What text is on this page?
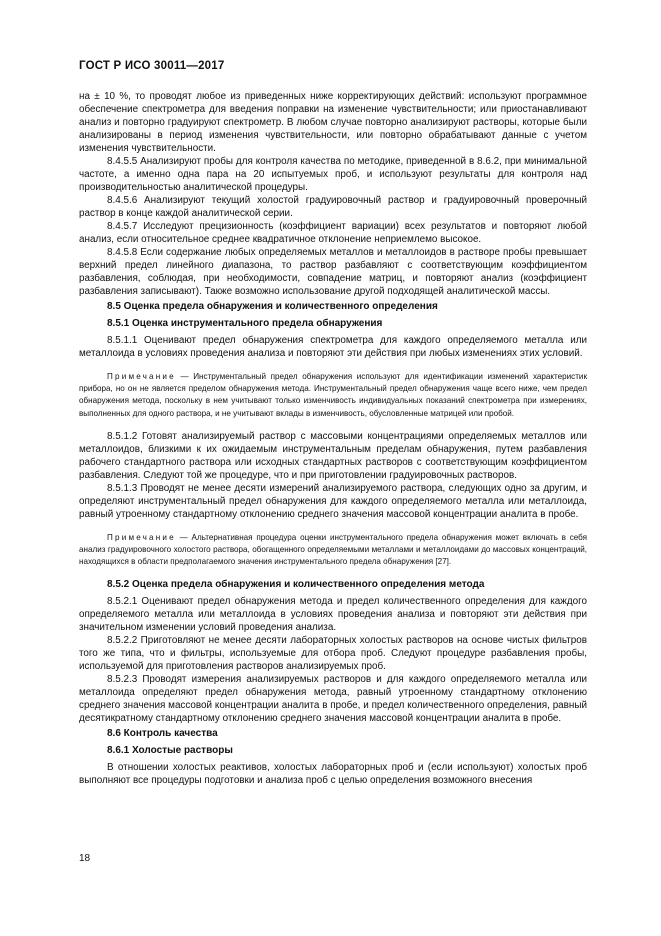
ГОСТ Р ИСО 30011—2017
на ± 10 %, то проводят любое из приведенных ниже корректирующих действий: используют программное обеспечение спектрометра для введения поправки на изменение чувствительности; или приостанавливают анализ и повторно градуируют спектрометр. В любом случае повторно анализируют растворы, которые были анализированы в период изменения чувствительности, или повторно обрабатывают данные с учетом изменения чувствительности.
8.4.5.5 Анализируют пробы для контроля качества по методике, приведенной в 8.6.2, при минимальной частоте, а именно одна пара на 20 испытуемых проб, и используют результаты для контроля над производительностью аналитической процедуры.
8.4.5.6 Анализируют текущий холостой градуировочный раствор и градуировочный проверочный раствор в конце каждой аналитической серии.
8.4.5.7 Исследуют прецизионность (коэффициент вариации) всех результатов и повторяют любой анализ, если относительное среднее квадратичное отклонение неприемлемо высокое.
8.4.5.8 Если содержание любых определяемых металлов и металлоидов в растворе пробы превышает верхний предел линейного диапазона, то раствор разбавляют с соответствующим коэффициентом разбавления, соблюдая, при необходимости, совпадение матриц, и повторяют анализ (коэффициент разбавления записывают). Также возможно использование другой подходящей аналитической массы.
8.5 Оценка предела обнаружения и количественного определения
8.5.1 Оценка инструментального предела обнаружения
8.5.1.1 Оценивают предел обнаружения спектрометра для каждого определяемого металла или металлоида в условиях проведения анализа и повторяют эти действия при любых изменениях этих условий.
Примечание — Инструментальный предел обнаружения используют для идентификации изменений характеристик прибора, но он не является пределом обнаружения метода. Инструментальный предел обнаружения чаще всего ниже, чем предел обнаружения метода, поскольку в нем учитывают только изменчивость индивидуальных показаний спектрометра при измерениях, выполненных для одного раствора, и не учитывают вклады в изменчивость, обусловленные матрицей или пробой.
8.5.1.2 Готовят анализируемый раствор с массовыми концентрациями определяемых металлов или металлоидов, близкими к их ожидаемым инструментальным пределам обнаружения, путем разбавления рабочего стандартного раствора или исходных стандартных растворов с соответствующим коэффициентом разбавления. Следуют той же процедуре, что и при приготовлении градуировочных растворов.
8.5.1.3 Проводят не менее десяти измерений анализируемого раствора, следующих одно за другим, и определяют инструментальный предел обнаружения для каждого определяемого металла или металлоида, равный утроенному стандартному отклонению среднего значения массовой концентрации аналита в пробе.
Примечание — Альтернативная процедура оценки инструментального предела обнаружения может включать в себя анализ градуировочного холостого раствора, обогащенного определяемыми металлами и металлоидами до массовых концентраций, находящихся в области предполагаемого значения инструментального предела обнаружения [27].
8.5.2 Оценка предела обнаружения и количественного определения метода
8.5.2.1 Оценивают предел обнаружения метода и предел количественного определения для каждого определяемого металла или металлоида в условиях проведения анализа и повторяют эти действия при значительном изменении условий проведения анализа.
8.5.2.2 Приготовляют не менее десяти лабораторных холостых растворов на основе чистых фильтров того же типа, что и фильтры, используемые для отбора проб. Следуют процедуре разбавления пробы, используемой для приготовления растворов анализируемых проб.
8.5.2.3 Проводят измерения анализируемых растворов и для каждого определяемого металла или металлоида определяют предел обнаружения метода, равный утроенному стандартному отклонению среднего значения массовой концентрации аналита в пробе, и предел количественного определения, равный десятикратному стандартному отклонению среднего значения массовой концентрации аналита в пробе.
8.6 Контроль качества
8.6.1 Холостые растворы
В отношении холостых реактивов, холостых лабораторных проб и (если используют) холостых проб выполняют все процедуры подготовки и анализа проб с целью определения возможного внесения
18
